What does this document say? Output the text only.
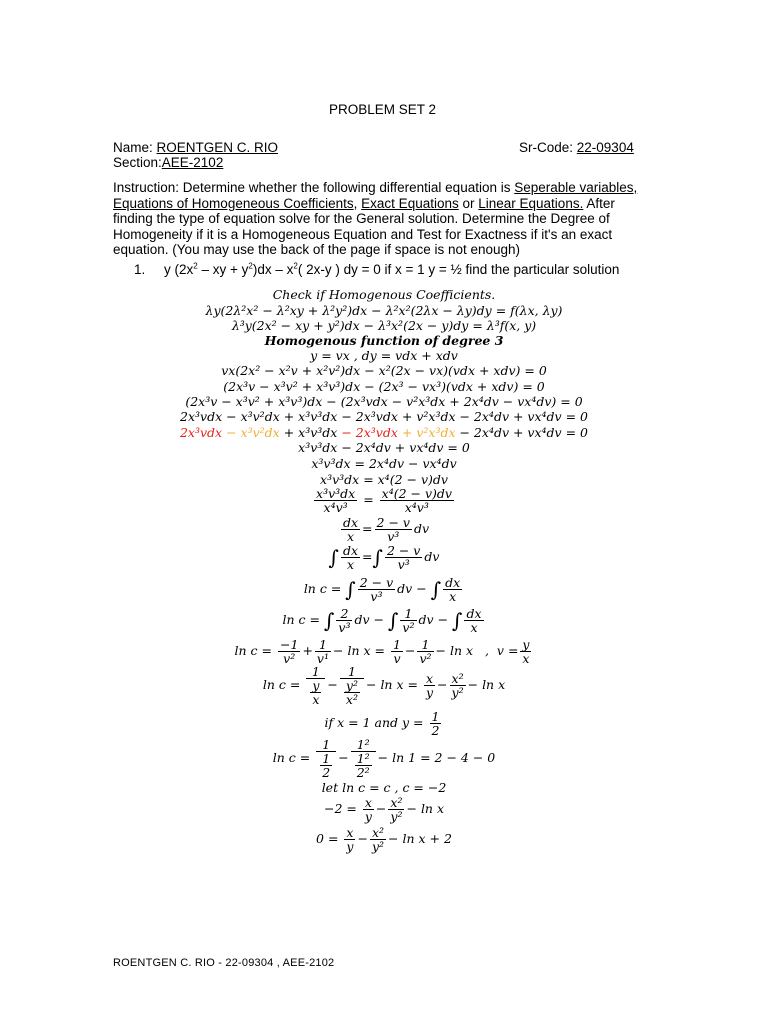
PROBLEM SET 2
Name: ROENTGEN C. RIO	Sr-Code: 22-09304
Section:AEE-2102
Instruction: Determine whether the following differential equation is Seperable variables, Equations of Homogeneous Coefficients, Exact Equations or Linear Equations. After finding the type of equation solve for the General solution. Determine the Degree of Homogeneity if it is a Homogeneous Equation and Test for Exactness if it's an exact equation. (You may use the back of the page if space is not enough)
1. y ($2x^2$ – xy + $y^2)dx - x^2$( 2x-y ) dy = 0 if x = 1 y = ½ find the particular solution
Check if Homogenous Coefficients.
λy(2λ²x² − λ²xy + λ²y²)dx − λ²x²(2λx − λy)dy = f(λx, λy)
λ³y(2x² − xy + y²)dx − λ³x²(2x − y)dy = λ³f(x, y)
Homogenous function of degree 3
y = vx , dy = vdx + xdv
vx(2x² − x²v + x²v²)dx − x²(2x − vx)(vdx + xdv) = 0
(2x³v − x³v² + x³v³)dx − (2x³ − vx³)(vdx + xdv) = 0
(2x³v − x³v² + x³v³)dx − (2x³vdx − v²x³dx + 2x⁴dv − vx⁴dv) = 0
2x³vdx − x³v²dx + x³v³dx − 2x³vdx + v²x³dx − 2x⁴dv + vx⁴dv = 0
2x³vdx − x³v²dx + x³v³dx − 2x³vdx + v²x³dx − 2x⁴dv + vx⁴dv = 0
x³v³dx − 2x⁴dv + vx⁴dv = 0
x³v³dx = 2x⁴dv − vx⁴dv
x³v³dx = x⁴(2 − v)dv
$\frac{\text{x³v³dx}}{\text{x⁴v³}} = \frac{\text{x⁴(2 − v)dv}}{\text{x⁴v³}}$
$\frac{dx}{x} = \frac{2 - v}{\text{v³}}$ dv
∫ $\frac{dx}{x}$ =∫ $\frac{2 - v}{\text{v³}}$ dv
ln c = ∫ $\frac{2 - v}{\text{v³}}$ dv − ∫ $\frac{dx}{x}$
ln c = ∫ $\frac{2}{\text{v³}}$ dv − ∫ $\frac{1}{\text{v²}}$ dv − ∫ $\frac{dx}{x}$
$\ln c = \frac{-1}{\text{v²}} + \frac{1}{\text{v¹}} - \ln x = \frac{1}{v} - \frac{1}{\text{v²}} - \ln x$   ,  $v = \frac{y}{x}$
$\ln c = \frac{1}{\frac{y}{x}} - \frac{1}{\frac{\text{y²}}{\text{x²}}} - \ln x = \frac{x}{y} - \frac{\text{x²}}{\text{y²}} - \ln x$
if x = 1 and $y = \frac{1}{2}$
$\ln c = \frac{1}{\frac{1}{2}} - \frac{\text{1²}}{\frac{\text{1²}}{\text{2²}}} - \ln 1 = 2 - 4 - 0$
let ln c = c , c = −2
$-2 = \frac{x}{y} - \frac{\text{x²}}{\text{y²}} - \ln x$
$0 = \frac{x}{y} - \frac{\text{x²}}{\text{y²}} - \ln x + 2$
ROENTGEN C. RIO - 22-09304 , AEE-2102
